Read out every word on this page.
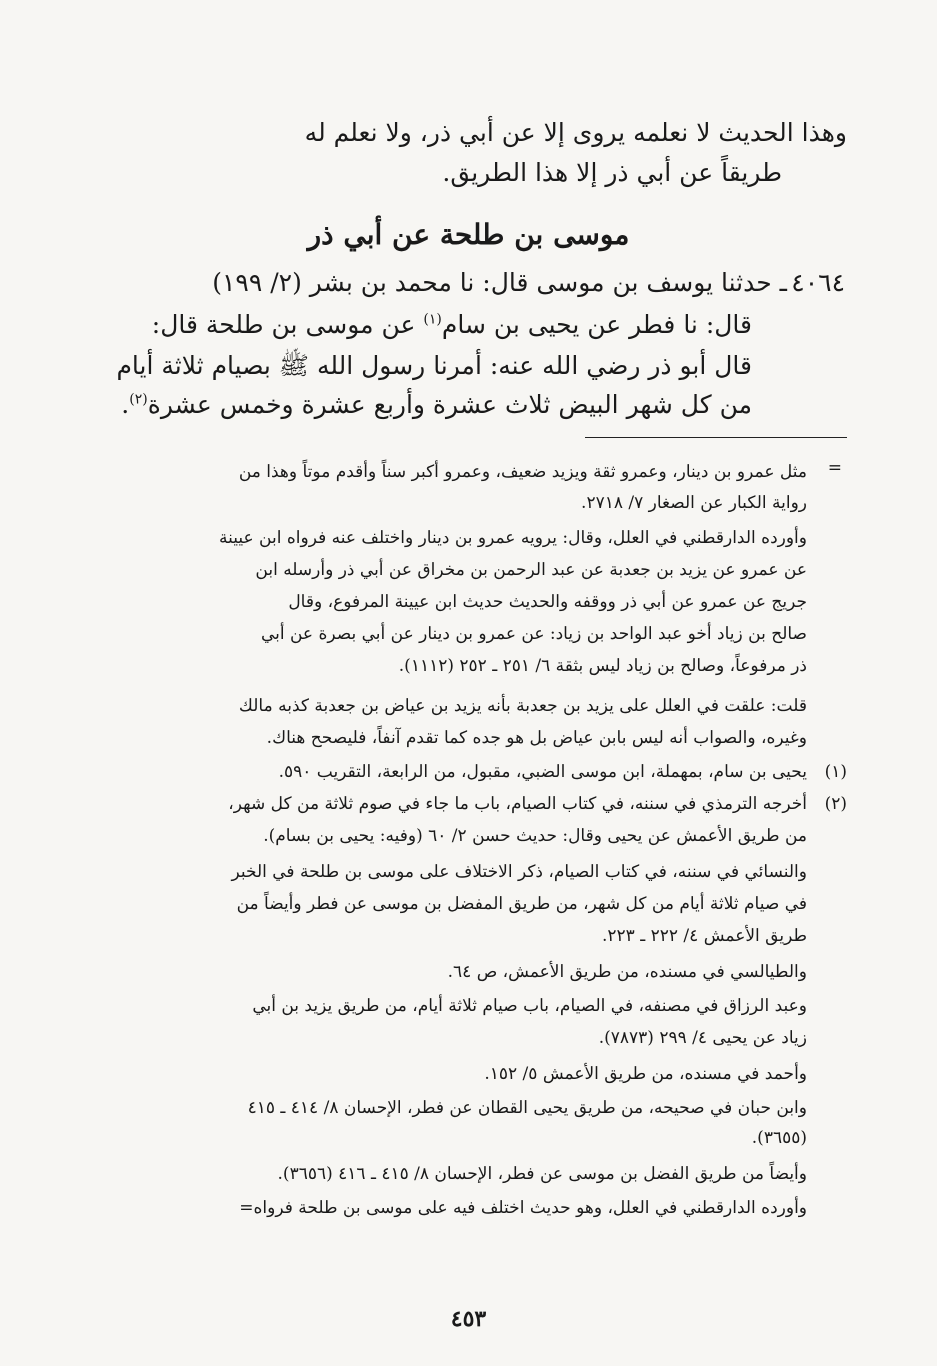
وهذا الحديث لا نعلمه يروى إلا عن أبي ذر، ولا نعلم له
طريقاً عن أبي ذر إلا هذا الطريق.
موسى بن طلحة عن أبي ذر
٤٠٦٤
ـ حدثنا يوسف بن موسى قال: نا محمد بن بشر (٢/ ١٩٩)
قال: نا فطر عن يحيى بن سام$^{(١)}$ عن موسى بن طلحة قال:
قال أبو ذر رضي الله عنه: أمرنا رسول الله ﷺ بصيام ثلاثة أيام
من كل شهر البيض ثلاث عشرة وأربع عشرة وخمس عشرة$^{(٢)}$.
=
مثل عمرو بن دينار، وعمرو ثقة ويزيد ضعيف، وعمرو أكبر سناً وأقدم موتاً وهذا من
رواية الكبار عن الصغار ٧/ ٢٧١٨.
وأورده الدارقطني في العلل، وقال: يرويه عمرو بن دينار واختلف عنه فرواه ابن عيينة
عن عمرو عن يزيد بن جعدبة عن عبد الرحمن بن مخراق عن أبي ذر وأرسله ابن
جريج عن عمرو عن أبي ذر ووقفه والحديث حديث ابن عيينة المرفوع، وقال
صالح بن زياد أخو عبد الواحد بن زياد: عن عمرو بن دينار عن أبي بصرة عن أبي
ذر مرفوعاً، وصالح بن زياد ليس بثقة ٦/ ٢٥١ ـ ٢٥٢ (١١١٢).
قلت: علقت في العلل على يزيد بن جعدبة بأنه يزيد بن عياض بن جعدبة كذبه مالك
وغيره، والصواب أنه ليس بابن عياض بل هو جده كما تقدم آنفاً، فليصحح هناك.
(١)
يحيى بن سام، بمهملة، ابن موسى الضبي، مقبول، من الرابعة، التقريب ٥٩٠.
(٢)
أخرجه الترمذي في سننه، في كتاب الصيام، باب ما جاء في صوم ثلاثة من كل شهر،
من طريق الأعمش عن يحيى وقال: حديث حسن ٢/ ٦٠ (وفيه: يحيى بن بسام).
والنسائي في سننه، في كتاب الصيام، ذكر الاختلاف على موسى بن طلحة في الخبر
في صيام ثلاثة أيام من كل شهر، من طريق المفضل بن موسى عن فطر وأيضاً من
طريق الأعمش ٤/ ٢٢٢ ـ ٢٢٣.
والطيالسي في مسنده، من طريق الأعمش، ص ٦٤.
وعبد الرزاق في مصنفه، في الصيام، باب صيام ثلاثة أيام، من طريق يزيد بن أبي
زياد عن يحيى ٤/ ٢٩٩ (٧٨٧٣).
وأحمد في مسنده، من طريق الأعمش ٥/ ١٥٢.
وابن حبان في صحيحه، من طريق يحيى القطان عن فطر، الإحسان ٨/ ٤١٤ ـ ٤١٥
(٣٦٥٥).
وأيضاً من طريق الفضل بن موسى عن فطر، الإحسان ٨/ ٤١٥ ـ ٤١٦ (٣٦٥٦).
وأورده الدارقطني في العلل، وهو حديث اختلف فيه على موسى بن طلحة فرواه=
٤٥٣
